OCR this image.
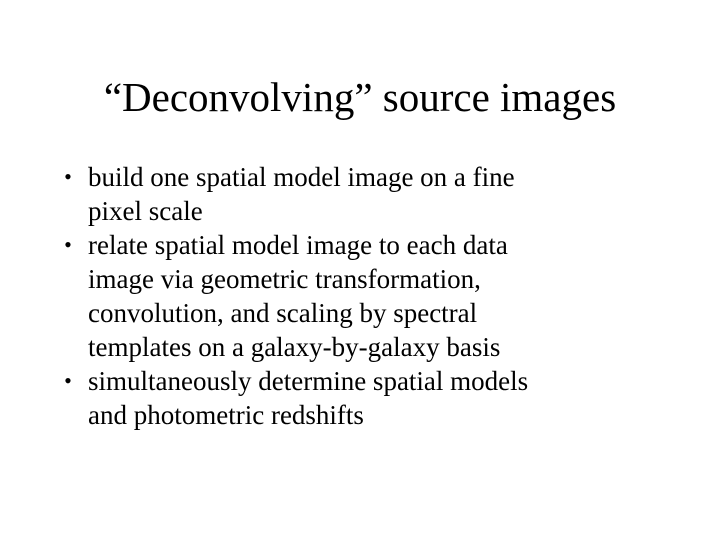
“Deconvolving” source images
• build one spatial model image on a fine
pixel scale
• relate spatial model image to each data
image via geometric transformation,
convolution, and scaling by spectral
templates on a galaxy-by-galaxy basis
• simultaneously determine spatial models
and photometric redshifts
